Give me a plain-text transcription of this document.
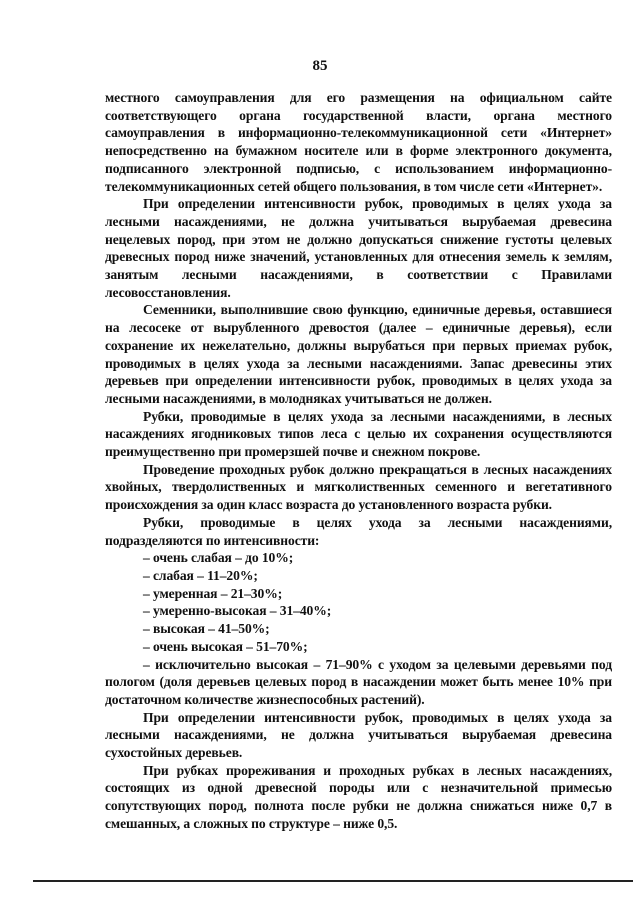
85

местного самоуправления для его размещения на официальном сайте соответствующего органа государственной власти, органа местного самоуправления в информационно-телекоммуникационной сети «Интернет» непосредственно на бумажном носителе или в форме электронного документа, подписанного электронной подписью, с использованием информационно-телекоммуникационных сетей общего пользования, в том числе сети «Интернет».

При определении интенсивности рубок, проводимых в целях ухода за лесными насаждениями, не должна учитываться вырубаемая древесина нецелевых пород, при этом не должно допускаться снижение густоты целевых древесных пород ниже значений, установленных для отнесения земель к землям, занятым лесными насаждениями, в соответствии с Правилами лесовосстановления.

Семенники, выполнившие свою функцию, единичные деревья, оставшиеся на лесосеке от вырубленного древостоя (далее – единичные деревья), если сохранение их нежелательно, должны вырубаться при первых приемах рубок, проводимых в целях ухода за лесными насаждениями. Запас древесины этих деревьев при определении интенсивности рубок, проводимых в целях ухода за лесными насаждениями, в молодняках учитываться не должен.

Рубки, проводимые в целях ухода за лесными насаждениями, в лесных насаждениях ягодниковых типов леса с целью их сохранения осуществляются преимущественно при промерзшей почве и снежном покрове.

Проведение проходных рубок должно прекращаться в лесных насаждениях хвойных, твердолиственных и мягколиственных семенного и вегетативного происхождения за один класс возраста до установленного возраста рубки.

Рубки, проводимые в целях ухода за лесными насаждениями, подразделяются по интенсивности:

– очень слабая – до 10%;
– слабая – 11–20%;
– умеренная – 21–30%;
– умеренно-высокая – 31–40%;
– высокая – 41–50%;
– очень высокая – 51–70%;
– исключительно высокая – 71–90% с уходом за целевыми деревьями под пологом (доля деревьев целевых пород в насаждении может быть менее 10% при достаточном количестве жизнеспособных растений).

При определении интенсивности рубок, проводимых в целях ухода за лесными насаждениями, не должна учитываться вырубаемая древесина сухостойных деревьев.

При рубках прореживания и проходных рубках в лесных насаждениях, состоящих из одной древесной породы или с незначительной примесью сопутствующих пород, полнота после рубки не должна снижаться ниже 0,7 в смешанных, а сложных по структуре – ниже 0,5.
